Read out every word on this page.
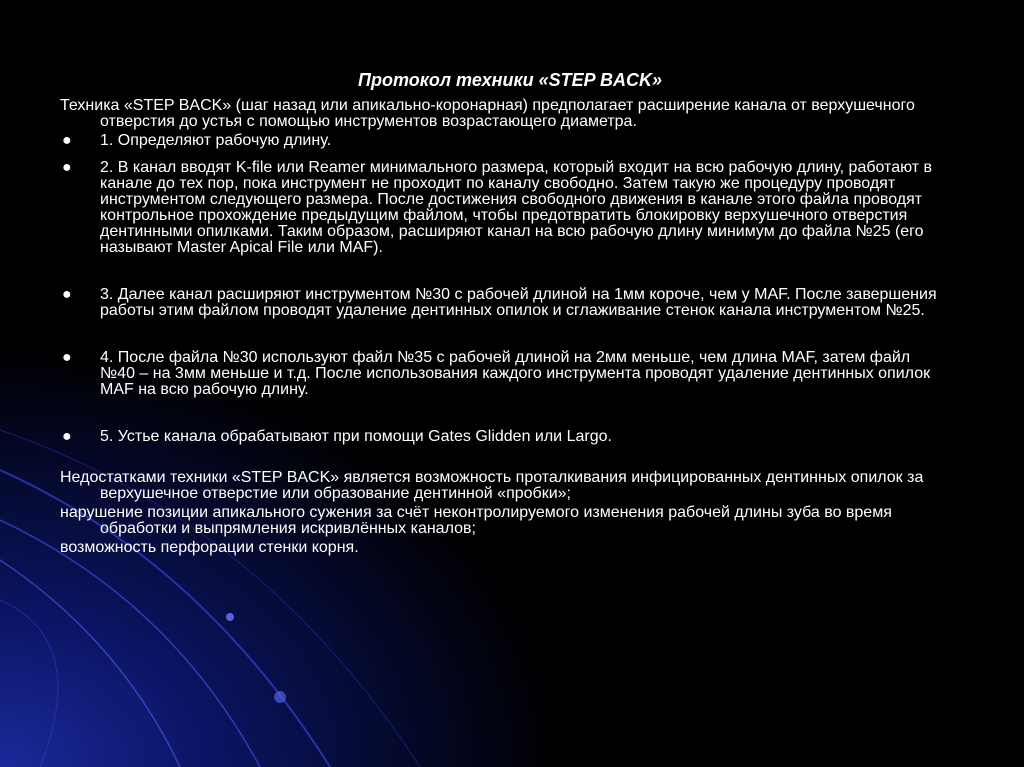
Протокол техники «STEP BACK»

Техника «STEP BACK» (шаг назад или апикально-коронарная) предполагает расширение канала от верхушечного отверстия до устья с помощью инструментов возрастающего диаметра.

● 1. Определяют рабочую длину.
● 2. В канал вводят K-file или Reamer минимального размера, который входит на всю рабочую длину, работают в канале до тех пор, пока инструмент не проходит по каналу свободно. Затем такую же процедуру проводят инструментом следующего размера. После достижения свободного движения в канале этого файла проводят контрольное прохождение предыдущим файлом, чтобы предотвратить блокировку верхушечного отверстия дентинными опилками. Таким образом, расширяют канал на всю рабочую длину минимум до файла №25 (его называют Master Apical File или MAF).
● 3. Далее канал расширяют инструментом №30 с рабочей длиной на 1мм короче, чем у MAF. После завершения работы этим файлом проводят удаление дентинных опилок и сглаживание стенок канала инструментом №25.
● 4. После файла №30 используют файл №35 с рабочей длиной на 2мм меньше, чем длина MAF, затем файл №40 – на 3мм меньше и т.д. После использования каждого инструмента проводят удаление дентинных опилок MAF на всю рабочую длину.
● 5. Устье канала обрабатывают при помощи Gates Glidden или Largo.

Недостатками техники «STEP BACK» является возможность проталкивания инфицированных дентинных опилок за верхушечное отверстие или образование дентинной «пробки»;

нарушение позиции апикального сужения за счёт неконтролируемого изменения рабочей длины зуба во время обработки и выпрямления искривлённых каналов;

возможность перфорации стенки корня.
